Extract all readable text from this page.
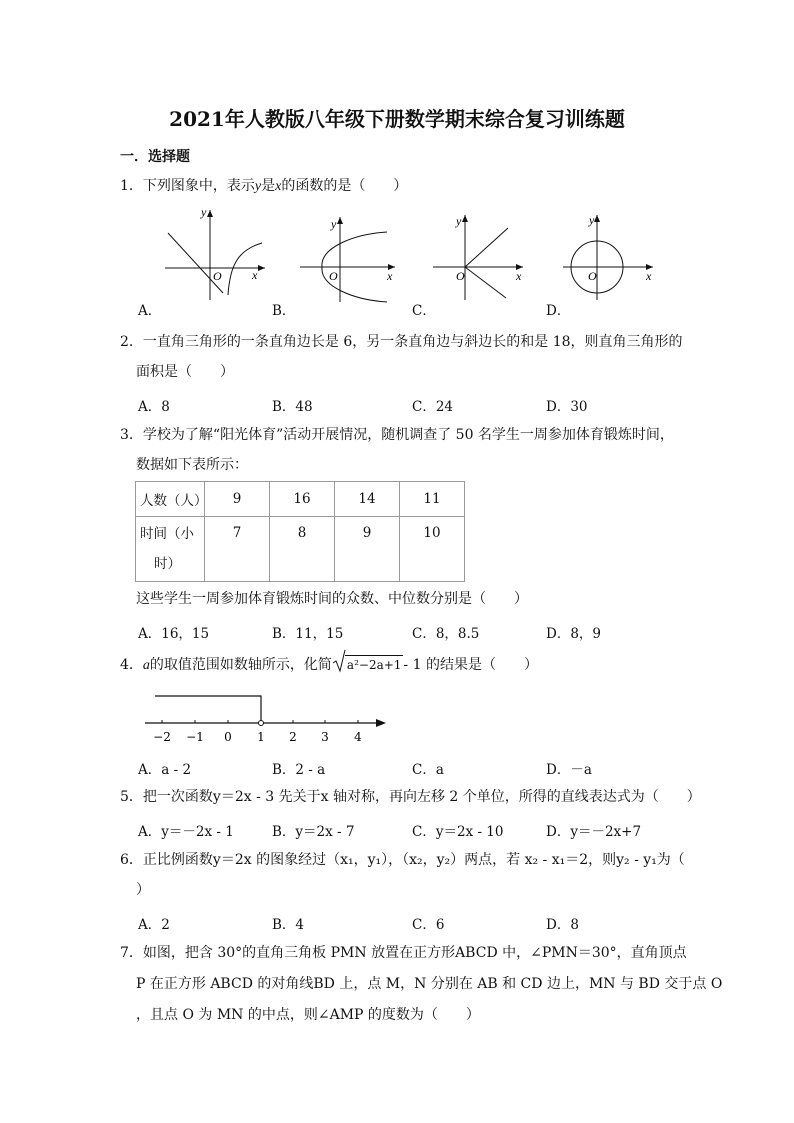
2021年人教版八年级下册数学期末综合复习训练题
一．选择题
1．下列图象中，表示y是x的函数的是（　　）
y
x
O
A．
y
x
O
B．
y
x
O
C．
y
x
O
D．
2．一直角三角形的一条直角边长是 6，另一条直角边与斜边长的和是 18，则直角三角形的
面积是（　　）
A．8	B．48	C．24	D．30
3．学校为了解“阳光体育”活动开展情况，随机调查了 50 名学生一周参加体育锻炼时间，
数据如下表所示：
人数（人）	9	16	14	11
时间（小
时）	7	8	9	10
这些学生一周参加体育锻炼时间的众数、中位数分别是（　　）
A．16，15	B．11，15	C．8，8.5	D．8，9
4．a的取值范围如数轴所示，化简 a²−2a+1 - 1 的结果是（　　）
−2 −1 0 1 2 3 4
A．a - 2	B．2 - a	C．a	D．－a
5．把一次函数y＝2x - 3 先关于x 轴对称，再向左移 2 个单位，所得的直线表达式为（　　）
A．y＝－2x - 1	B．y＝2x - 7	C．y＝2x - 10	D．y＝－2x+7
6．正比例函数y＝2x 的图象经过（x₁，y₁），（x₂，y₂）两点，若 x₂ - x₁＝2，则y₂ - y₁为（
）
A．2	B．4	C．6	D．8
7．如图，把含 30°的直角三角板 PMN 放置在正方形ABCD 中，∠PMN＝30°，直角顶点
P 在正方形 ABCD 的对角线BD 上，点 M，N 分别在 AB 和 CD 边上，MN 与 BD 交于点 O
，且点 O 为 MN 的中点，则∠AMP 的度数为（　　）
